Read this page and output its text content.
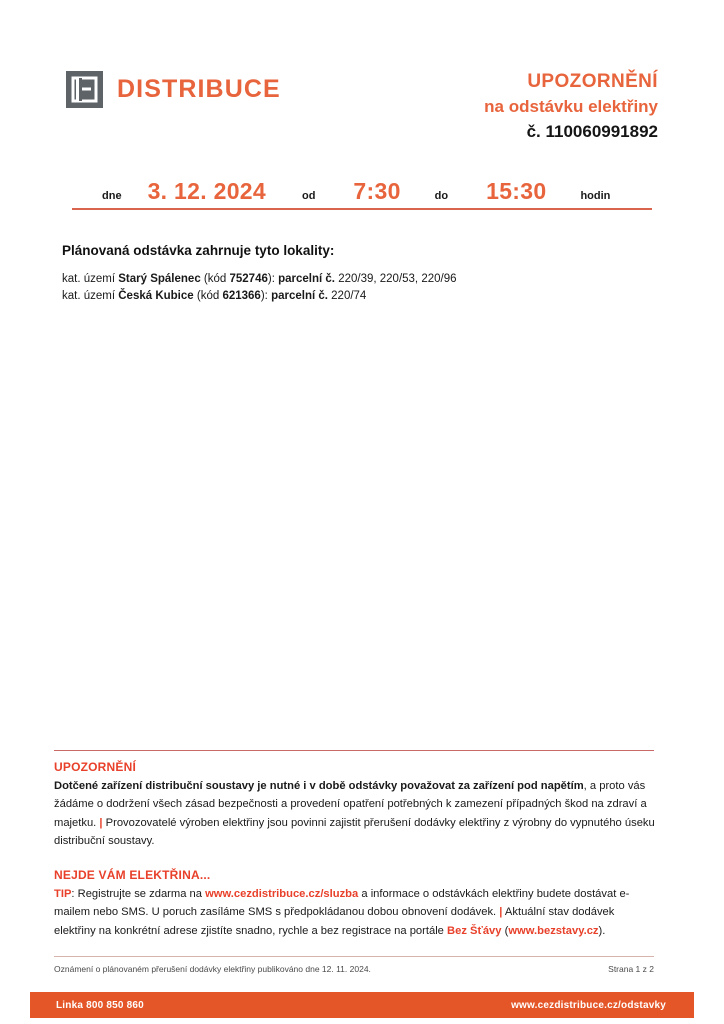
DISTRIBUCE	UPOZORNĚNÍ
na odstávku elektřiny
č. 110060991892
dne 3. 12. 2024	od 7:30	do 15:30	hodin
Plánovaná odstávka zahrnuje tyto lokality:
kat. území Starý Spálenec (kód 752746): parcelní č. 220/39, 220/53, 220/96
kat. území Česká Kubice (kód 621366): parcelní č. 220/74
UPOZORNĚNÍ
Dotčené zařízení distribuční soustavy je nutné i v době odstávky považovat za zařízení pod napětím, a proto vás žádáme o dodržení všech zásad bezpečnosti a provedení opatření potřebných k zamezení případných škod na zdraví a majetku. | Provozovatelé výroben elektřiny jsou povinni zajistit přerušení dodávky elektřiny z výrobny do vypnutého úseku distribuční soustavy.
NEJDE VÁM ELEKTŘINA...
TIP: Registrujte se zdarma na www.cezdistribuce.cz/sluzba a informace o odstávkách elektřiny budete dostávat e-mailem nebo SMS. U poruch zasíláme SMS s předpokládanou dobou obnovení dodávek. | Aktuální stav dodávek elektřiny na konkrétní adrese zjistíte snadno, rychle a bez registrace na portále Bez Šťávy (www.bezstavy.cz).
Oznámení o plánovaném přerušení dodávky elektřiny publikováno dne 12. 11. 2024.	Strana 1 z 2
Linka 800 850 860	www.cezdistribuce.cz/odstavky
